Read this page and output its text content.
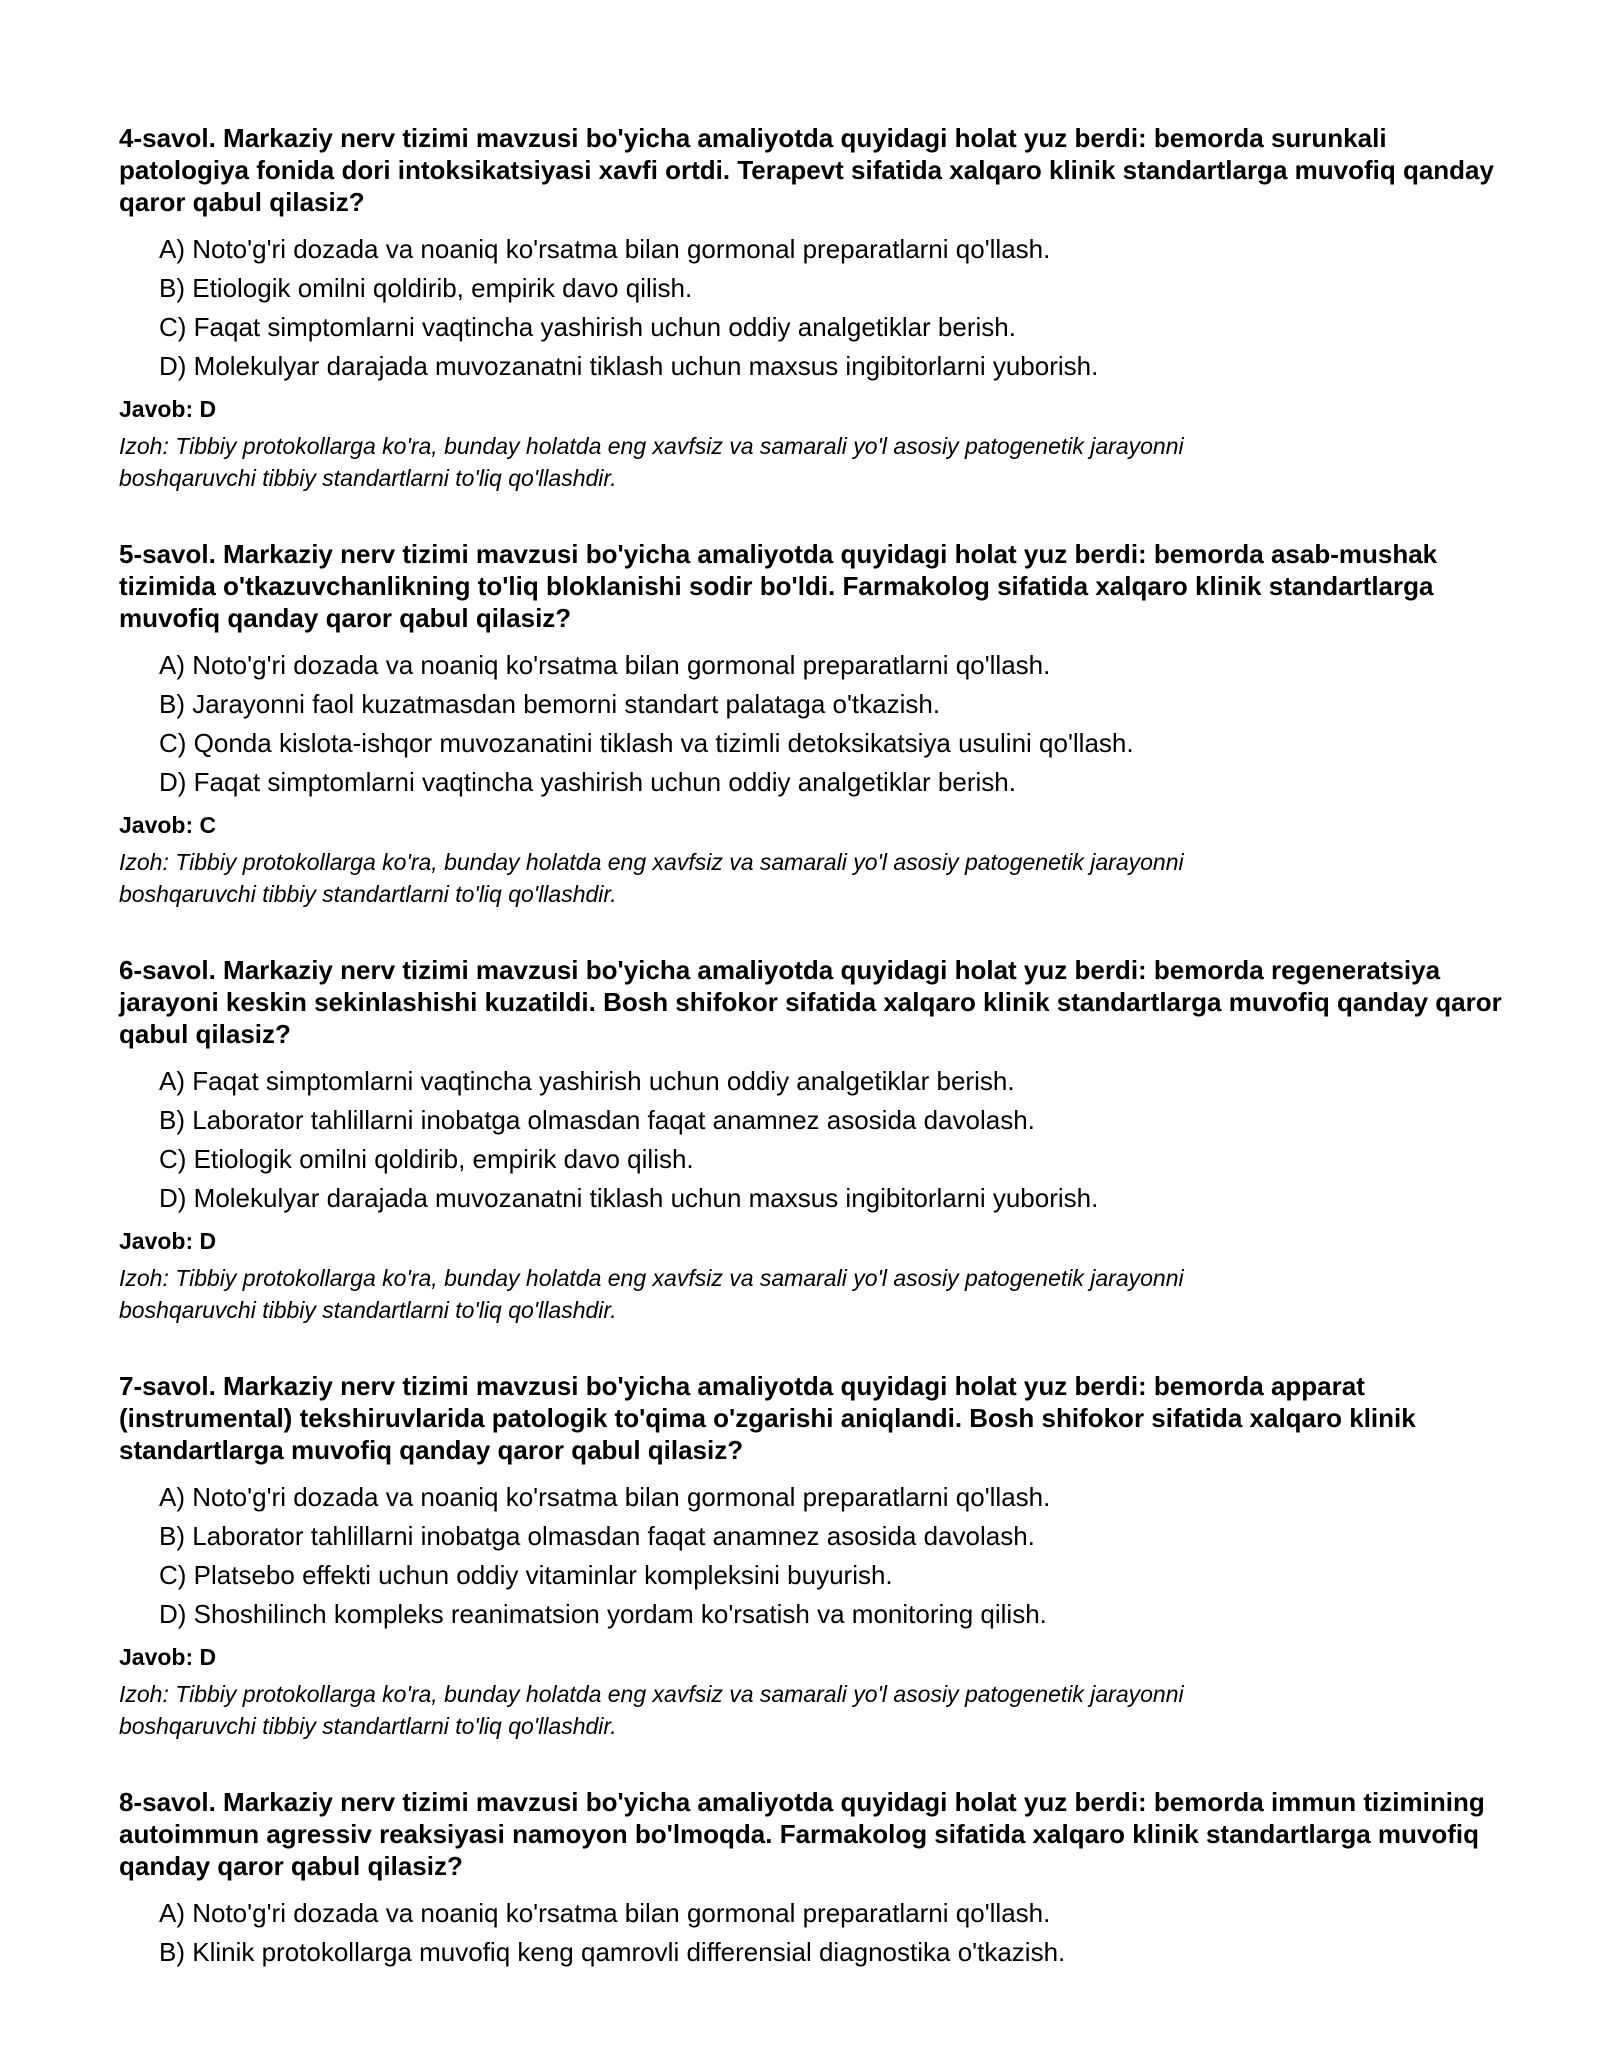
4-savol. Markaziy nerv tizimi mavzusi bo'yicha amaliyotda quyidagi holat yuz berdi: bemorda surunkali patologiya fonida dori intoksikatsiyasi xavfi ortdi. Terapevt sifatida xalqaro klinik standartlarga muvofiq qanday qaror qabul qilasiz?

A) Noto'g'ri dozada va noaniq ko'rsatma bilan gormonal preparatlarni qo'llash.

B) Etiologik omilni qoldirib, empirik davo qilish.

C) Faqat simptomlarni vaqtincha yashirish uchun oddiy analgetiklar berish.

D) Molekulyar darajada muvozanatni tiklash uchun maxsus ingibitorlarni yuborish.

Javob: D

Izoh: Tibbiy protokollarga ko'ra, bunday holatda eng xavfsiz va samarali yo'l asosiy patogenetik jarayonni boshqaruvchi tibbiy standartlarni to'liq qo'llashdir.

5-savol. Markaziy nerv tizimi mavzusi bo'yicha amaliyotda quyidagi holat yuz berdi: bemorda asab-mushak tizimida o'tkazuvchanlikning to'liq bloklanishi sodir bo'ldi. Farmakolog sifatida xalqaro klinik standartlarga muvofiq qanday qaror qabul qilasiz?

A) Noto'g'ri dozada va noaniq ko'rsatma bilan gormonal preparatlarni qo'llash.

B) Jarayonni faol kuzatmasdan bemorni standart palataga o'tkazish.

C) Qonda kislota-ishqor muvozanatini tiklash va tizimli detoksikatsiya usulini qo'llash.

D) Faqat simptomlarni vaqtincha yashirish uchun oddiy analgetiklar berish.

Javob: C

Izoh: Tibbiy protokollarga ko'ra, bunday holatda eng xavfsiz va samarali yo'l asosiy patogenetik jarayonni boshqaruvchi tibbiy standartlarni to'liq qo'llashdir.

6-savol. Markaziy nerv tizimi mavzusi bo'yicha amaliyotda quyidagi holat yuz berdi: bemorda regeneratsiya jarayoni keskin sekinlashishi kuzatildi. Bosh shifokor sifatida xalqaro klinik standartlarga muvofiq qanday qaror qabul qilasiz?

A) Faqat simptomlarni vaqtincha yashirish uchun oddiy analgetiklar berish.

B) Laborator tahlillarni inobatga olmasdan faqat anamnez asosida davolash.

C) Etiologik omilni qoldirib, empirik davo qilish.

D) Molekulyar darajada muvozanatni tiklash uchun maxsus ingibitorlarni yuborish.

Javob: D

Izoh: Tibbiy protokollarga ko'ra, bunday holatda eng xavfsiz va samarali yo'l asosiy patogenetik jarayonni boshqaruvchi tibbiy standartlarni to'liq qo'llashdir.

7-savol. Markaziy nerv tizimi mavzusi bo'yicha amaliyotda quyidagi holat yuz berdi: bemorda apparat (instrumental) tekshiruvlarida patologik to'qima o'zgarishi aniqlandi. Bosh shifokor sifatida xalqaro klinik standartlarga muvofiq qanday qaror qabul qilasiz?

A) Noto'g'ri dozada va noaniq ko'rsatma bilan gormonal preparatlarni qo'llash.

B) Laborator tahlillarni inobatga olmasdan faqat anamnez asosida davolash.

C) Platsebo effekti uchun oddiy vitaminlar kompleksini buyurish.

D) Shoshilinch kompleks reanimatsion yordam ko'rsatish va monitoring qilish.

Javob: D

Izoh: Tibbiy protokollarga ko'ra, bunday holatda eng xavfsiz va samarali yo'l asosiy patogenetik jarayonni boshqaruvchi tibbiy standartlarni to'liq qo'llashdir.

8-savol. Markaziy nerv tizimi mavzusi bo'yicha amaliyotda quyidagi holat yuz berdi: bemorda immun tizimining autoimmun agressiv reaksiyasi namoyon bo'lmoqda. Farmakolog sifatida xalqaro klinik standartlarga muvofiq qanday qaror qabul qilasiz?

A) Noto'g'ri dozada va noaniq ko'rsatma bilan gormonal preparatlarni qo'llash.

B) Klinik protokollarga muvofiq keng qamrovli differensial diagnostika o'tkazish.
